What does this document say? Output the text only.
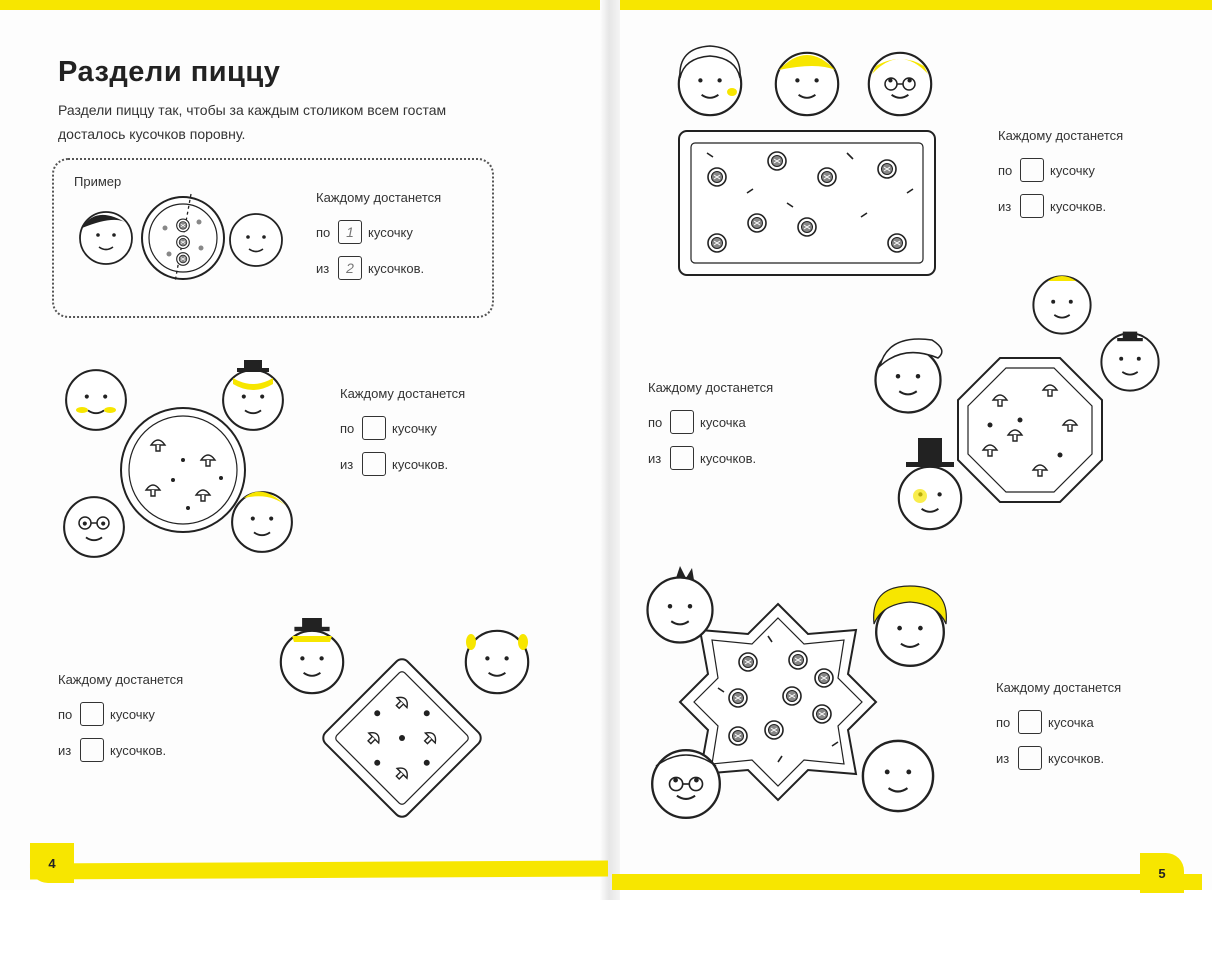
4
5
Раздели пиццу
Раздели пиццу так, чтобы за каждым столиком всем гостам досталось кусочков поровну.
Пример
Каждому достанется
по	1	кусочку
из	2	кусочков.
Каждому достанется
по	кусочку
из	кусочков.
Каждому достанется
по	кусочку
из	кусочков.
Каждому достанется
по	кусочку
из	кусочков.
Каждому достанется
по	кусочка
из	кусочков.
Каждому достанется
по	кусочка
из	кусочков.
